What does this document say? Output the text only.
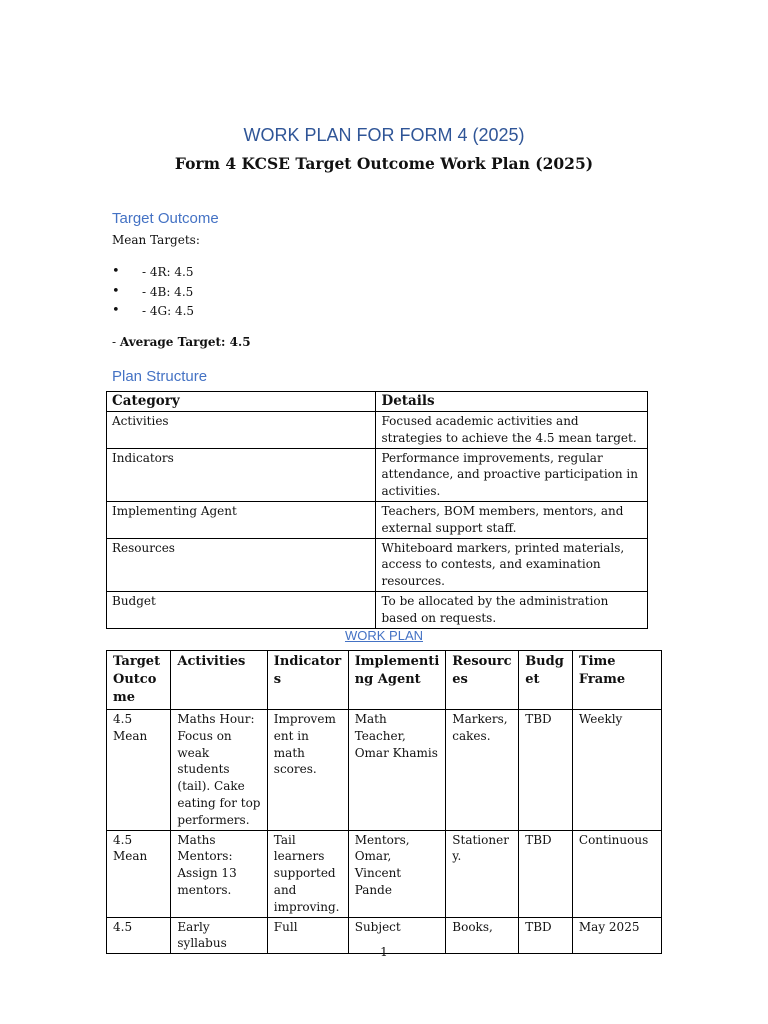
WORK PLAN FOR FORM 4 (2025)
Form 4 KCSE Target Outcome Work Plan (2025)
Target Outcome
Mean Targets:
• - 4R: 4.5
• - 4B: 4.5
• - 4G: 4.5
- Average Target: 4.5
Plan Structure
Category	Details
Activities	Focused academic activities and strategies to achieve the 4.5 mean target.
Indicators	Performance improvements, regular attendance, and proactive participation in activities.
Implementing Agent	Teachers, BOM members, mentors, and external support staff.
Resources	Whiteboard markers, printed materials, access to contests, and examination resources.
Budget	To be allocated by the administration based on requests.
WORK PLAN
Target Outco me	Activities	Indicator s	Implementi ng Agent	Resourc es	Budg et	Time Frame
4.5 Mean	Maths Hour: Focus on weak students (tail). Cake eating for top performers.	Improvem ent in math scores.	Math Teacher, Omar Khamis	Markers, cakes.	TBD	Weekly
4.5 Mean	Maths Mentors: Assign 13 mentors.	Tail learners supported and improving.	Mentors, Omar, Vincent Pande	Stationer y.	TBD	Continuous
4.5	Early syllabus	Full	Subject	Books,	TBD	May 2025
1
